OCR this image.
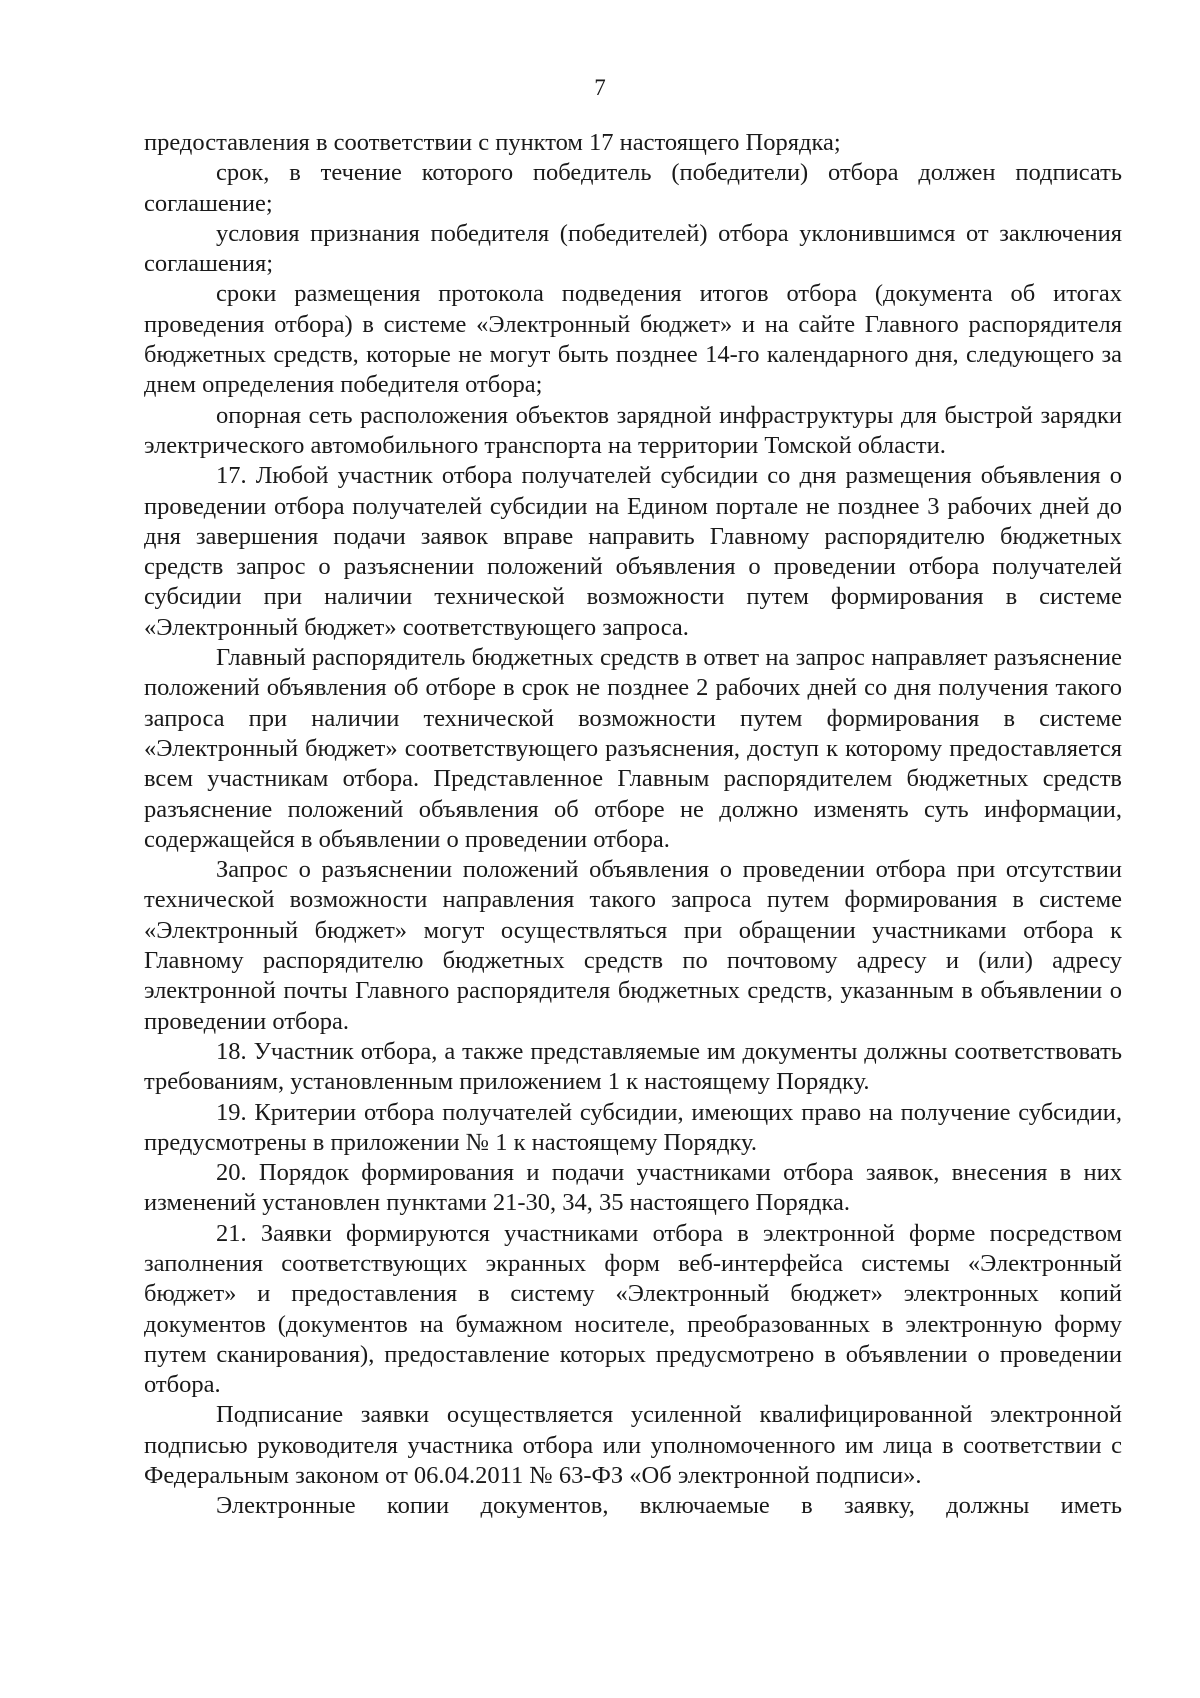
7

предоставления в соответствии с пунктом 17 настоящего Порядка;

срок, в течение которого победитель (победители) отбора должен подписать соглашение;

условия признания победителя (победителей) отбора уклонившимся от заключения соглашения;

сроки размещения протокола подведения итогов отбора (документа об итогах проведения отбора) в системе «Электронный бюджет» и на сайте Главного распорядителя бюджетных средств, которые не могут быть позднее 14-го календарного дня, следующего за днем определения победителя отбора;

опорная сеть расположения объектов зарядной инфраструктуры для быстрой зарядки электрического автомобильного транспорта на территории Томской области.

17. Любой участник отбора получателей субсидии со дня размещения объявления о проведении отбора получателей субсидии на Едином портале не позднее 3 рабочих дней до дня завершения подачи заявок вправе направить Главному распорядителю бюджетных средств запрос о разъяснении положений объявления о проведении отбора получателей субсидии при наличии технической возможности путем формирования в системе «Электронный бюджет» соответствующего запроса.

Главный распорядитель бюджетных средств в ответ на запрос направляет разъяснение положений объявления об отборе в срок не позднее 2 рабочих дней со дня получения такого запроса при наличии технической возможности путем формирования в системе «Электронный бюджет» соответствующего разъяснения, доступ к которому предоставляется всем участникам отбора. Представленное Главным распорядителем бюджетных средств разъяснение положений объявления об отборе не должно изменять суть информации, содержащейся в объявлении о проведении отбора.

Запрос о разъяснении положений объявления о проведении отбора при отсутствии технической возможности направления такого запроса путем формирования в системе «Электронный бюджет» могут осуществляться при обращении участниками отбора к Главному распорядителю бюджетных средств по почтовому адресу и (или) адресу электронной почты Главного распорядителя бюджетных средств, указанным в объявлении о проведении отбора.

18. Участник отбора, а также представляемые им документы должны соответствовать требованиям, установленным приложением 1 к настоящему Порядку.

19. Критерии отбора получателей субсидии, имеющих право на получение субсидии, предусмотрены в приложении № 1 к настоящему Порядку.

20. Порядок формирования и подачи участниками отбора заявок, внесения в них изменений установлен пунктами 21-30, 34, 35 настоящего Порядка.

21. Заявки формируются участниками отбора в электронной форме посредством заполнения соответствующих экранных форм веб-интерфейса системы «Электронный бюджет» и предоставления в систему «Электронный бюджет» электронных копий документов (документов на бумажном носителе, преобразованных в электронную форму путем сканирования), предоставление которых предусмотрено в объявлении о проведении отбора.

Подписание заявки осуществляется усиленной квалифицированной электронной подписью руководителя участника отбора или уполномоченного им лица в соответствии с Федеральным законом от 06.04.2011 № 63-ФЗ «Об электронной подписи».

Электронные копии документов, включаемые в заявку, должны иметь
